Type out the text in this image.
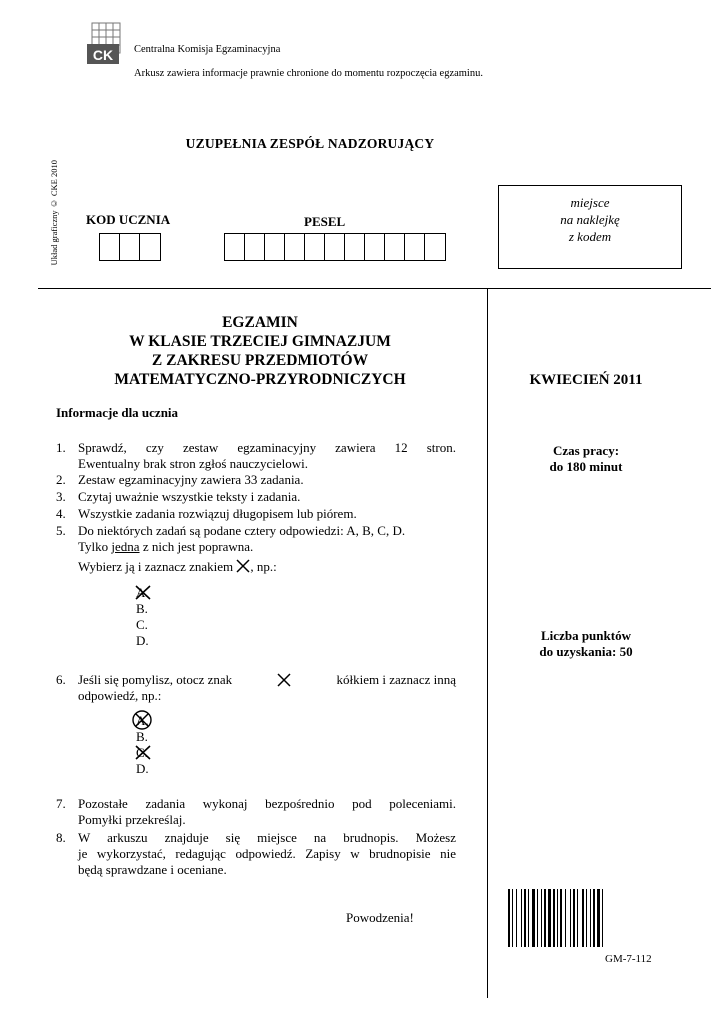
CK Centralna Komisja Egzaminacyjna
Arkusz zawiera informacje prawnie chronione do momentu rozpoczęcia egzaminu.
UZUPEŁNIA ZESPÓŁ NADZORUJĄCY
Układ graficzny © CKE 2010 KOD UCZNIA	PESEL
miejsce
na naklejkę
z kodem
EGZAMIN
W KLASIE TRZECIEJ GIMNAZJUM
Z ZAKRESU PRZEDMIOTÓW
MATEMATYCZNO-PRZYRODNICZYCH	KWIECIEŃ 2011
Czas pracy:
do 180 minut
Liczba punktów
do uzyskania: 50
Informacje dla ucznia
1. Sprawdź, czy zestaw egzaminacyjny zawiera 12 stron.
Ewentualny brak stron zgłoś nauczycielowi.
2. Zestaw egzaminacyjny zawiera 33 zadania.
3. Czytaj uważnie wszystkie teksty i zadania.
4. Wszystkie zadania rozwiązuj długopisem lub piórem.
5. Do niektórych zadań są podane cztery odpowiedzi: A, B, C, D.
Tylko jedna z nich jest poprawna.
Wybierz ją i zaznacz znakiem , np.:
A.
B.
C.
D.
6. Jeśli się pomylisz, otocz znak	kółkiem i zaznacz inną
odpowiedź, np.:
A.
B.
C.
D.
7. Pozostałe zadania wykonaj bezpośrednio pod poleceniami.
Pomyłki przekreślaj.
8. W arkuszu znajduje się miejsce na brudnopis. Możesz
je wykorzystać, redagując odpowiedź. Zapisy w brudnopisie nie
będą sprawdzane i oceniane.
Powodzenia!
GM-7-112
